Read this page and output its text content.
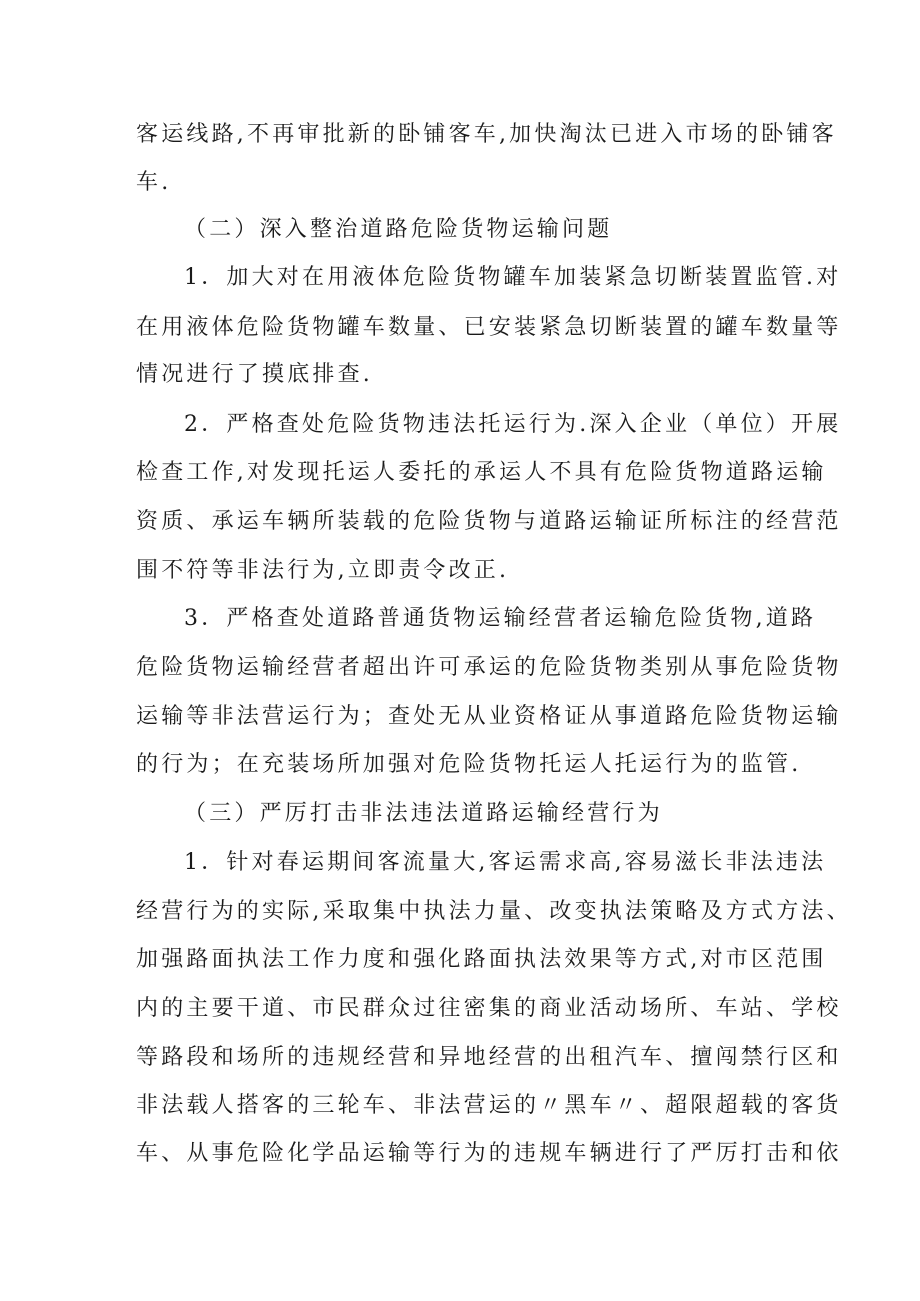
客运线路,不再审批新的卧铺客车,加快淘汰已进入市场的卧铺客
车.
（二）深入整治道路危险货物运输问题
1．加大对在用液体危险货物罐车加装紧急切断装置监管.对
在用液体危险货物罐车数量、已安装紧急切断装置的罐车数量等
情况进行了摸底排查.
2．严格查处危险货物违法托运行为.深入企业（单位）开展
检查工作,对发现托运人委托的承运人不具有危险货物道路运输
资质、承运车辆所装载的危险货物与道路运输证所标注的经营范
围不符等非法行为,立即责令改正.
3．严格查处道路普通货物运输经营者运输危险货物,道路
危险货物运输经营者超出许可承运的危险货物类别从事危险货物
运输等非法营运行为；查处无从业资格证从事道路危险货物运输
的行为；在充装场所加强对危险货物托运人托运行为的监管.
（三）严厉打击非法违法道路运输经营行为
1．针对春运期间客流量大,客运需求高,容易滋长非法违法
经营行为的实际,采取集中执法力量、改变执法策略及方式方法、
加强路面执法工作力度和强化路面执法效果等方式,对市区范围
内的主要干道、市民群众过往密集的商业活动场所、车站、学校
等路段和场所的违规经营和异地经营的出租汽车、擅闯禁行区和
非法载人搭客的三轮车、非法营运的〃黑车〃、超限超载的客货
车、从事危险化学品运输等行为的违规车辆进行了严厉打击和依
